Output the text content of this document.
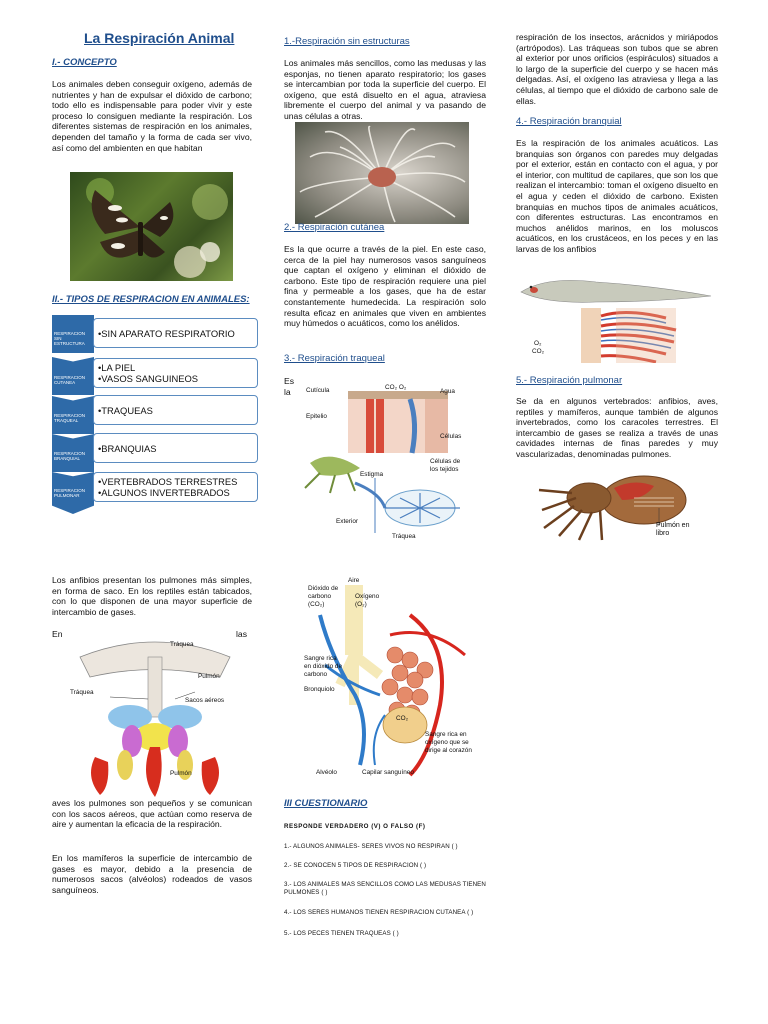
La Respiración Animal
I.- CONCEPTO
Los animales deben conseguir oxígeno, además de nutrientes y han de expulsar el dióxido de carbono; todo ello es indispensable para poder vivir y este proceso lo consiguen mediante la respiración. Los diferentes sistemas de respiración en los animales, dependen del tamaño y la forma de cada ser vivo, así como del ambienten en que habitan
II.- TIPOS DE RESPIRACION EN ANIMALES:
RESPIRACION SIN ESTRUCTURA
•SIN APARATO RESPIRATORIO
RESPIRACION CUTANEA
•LA PIEL
•VASOS SANGUINEOS
RESPIRACION TRAQUEAL
•TRAQUEAS
RESPIRACION BRANQUIAL
•BRANQUIAS
RESPIRACION PULMONAR
•VERTEBRADOS TERRESTRES
•ALGUNOS INVERTEBRADOS
Los anfibios presentan los pulmones más simples, en forma de saco. En los reptiles están tabicados, con lo que disponen de una mayor superficie de intercambio de gases.
En	las
Tráquea
Pulmón
Tráquea
Sacos aéreos
Pulmón
aves los pulmones son pequeños y se comunican con los sacos aéreos, que actúan como reserva de aire y aumentan la eficacia de la respiración.
En los mamíferos la superficie de intercambio de gases es mayor, debido a la presencia de numerosos sacos (alvéolos) rodeados de vasos sanguíneos.
1.-Respiración sin estructuras
Los animales más sencillos, como las medusas y las esponjas, no tienen aparato respiratorio; los gases se intercambian por toda la superficie del cuerpo. El oxígeno, que está disuelto en el agua, atraviesa libremente el cuerpo del animal y va pasando de unas células a otras.
2.- Respiración cutánea
Es la que ocurre a través de la piel. En este caso, cerca de la piel hay numerosos vasos sanguíneos que captan el oxígeno y eliminan el dióxido de carbono. Este tipo de respiración requiere una piel fina y permeable a los gases, que ha de estar constantemente humedecida. La respiración solo resulta eficaz en animales que viven en ambientes muy húmedos o acuáticos, como los anélidos.
3.- Respiración traqueal
Es la	Cutícula	CO₂ O₂
Agua
Epitelio
Células
Estigma
Células de los tejidos
Exterior
Tráquea
Aire
Dióxido de carbono (CO₂)
Oxígeno (O₂)
Sangre rica en dióxido de carbono
Bronquiolo
CO₂
Sangre rica en oxígeno que se dirige al corazón
Alvéolo	Capilar sanguíneo
III CUESTIONARIO
RESPONDE VERDADERO (V) O FALSO (F)
1.- ALGUNOS ANIMALES- SERES VIVOS NO RESPIRAN ( )
2.- SE CONOCEN 5 TIPOS DE RESPIRACION ( )
3.- LOS ANIMALES MAS SENCILLOS COMO LAS MEDUSAS TIENEN PULMONES ( )
4.- LOS SERES HUMANOS TIENEN RESPIRACION CUTANEA ( )
5.- LOS PECES TIENEN TRAQUEAS ( )
respiración de los insectos, arácnidos y miriápodos (artrópodos). Las tráqueas son tubos que se abren al exterior por unos orificios (espiráculos) situados a lo largo de la superficie del cuerpo y se hacen más delgadas. Así, el oxígeno las atraviesa y llega a las células, al tiempo que el dióxido de carbono sale de ellas.
4.- Respiración branquial
Es la respiración de los animales acuáticos. Las branquias son órganos con paredes muy delgadas por el exterior, están en contacto con el agua, y por el interior, con multitud de capilares, que son los que realizan el intercambio: toman el oxígeno disuelto en el agua y ceden el dióxido de carbono. Existen branquias en muchos tipos de animales acuáticos, con diferentes estructuras. Las encontramos en muchos anélidos marinos, en los moluscos acuáticos, en los crustáceos, en los peces y en las larvas de los anfibios
O₂
CO₂
5.- Respiración pulmonar
Se da en algunos vertebrados: anfibios, aves, reptiles y mamíferos, aunque también de algunos invertebrados, como los caracoles terrestres. El intercambio de gases se realiza a través de unas cavidades internas de finas paredes y muy vascularizadas, denominadas pulmones.
Pulmón en libro
